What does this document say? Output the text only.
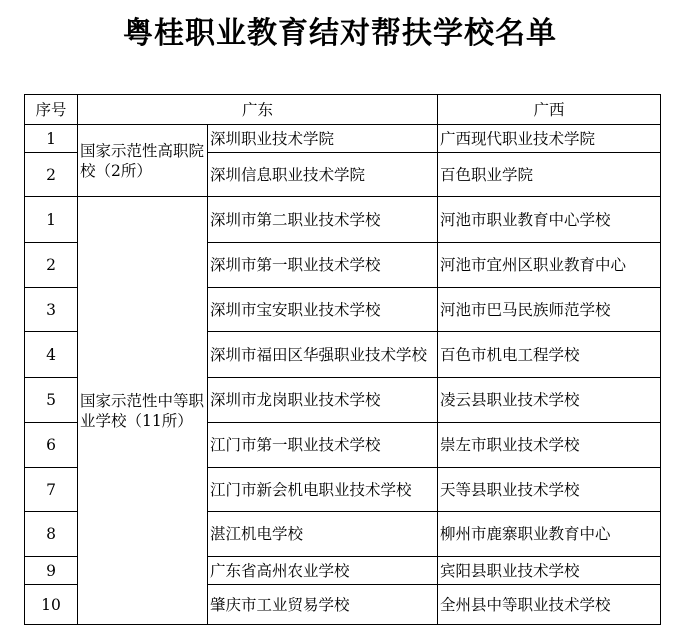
粤桂职业教育结对帮扶学校名单
序号	广东		广西
1	国家示范性高职院校（2所）	深圳职业技术学院	广西现代职业技术学院
2		深圳信息职业技术学院	百色职业学院
1	国家示范性中等职业学校（11所）	深圳市第二职业技术学校	河池市职业教育中心学校
2		深圳市第一职业技术学校	河池市宜州区职业教育中心
3		深圳市宝安职业技术学校	河池市巴马民族师范学校
4		深圳市福田区华强职业技术学校	百色市机电工程学校
5		深圳市龙岗职业技术学校	凌云县职业技术学校
6		江门市第一职业技术学校	崇左市职业技术学校
7		江门市新会机电职业技术学校	天等县职业技术学校
8		湛江机电学校	柳州市鹿寨职业教育中心
9		广东省高州农业学校	宾阳县职业技术学校
10		肇庆市工业贸易学校	全州县中等职业技术学校
